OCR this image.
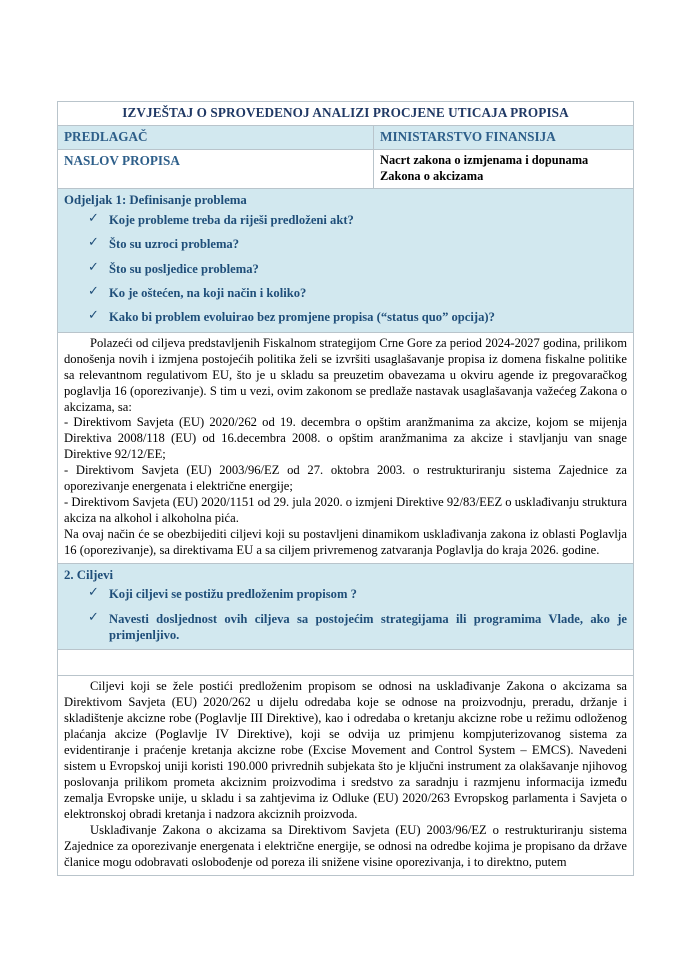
IZVJEŠTAJ O SPROVEDENOJ ANALIZI PROCJENE UTICAJA PROPISA	
PREDLAGAČ	MINISTARSTVO FINANSIJA
NASLOV PROPISA	Nacrt zakona o izmjenama i dopunama
Zakona o akcizama

Odjeljak 1: Definisanje problema

✓ Koje probleme treba da riješi predloženi akt?
✓ Što su uzroci problema?
✓ Što su posljedice problema?
✓ Ko je oštećen, na koji način i koliko?
✓ Kako bi problem evoluirao bez promjene propisa (“status quo” opcija)?

Polazeći od ciljeva predstavljenih Fiskalnom strategijom Crne Gore za period 2024-2027 godina, prilikom donošenja novih i izmjena postojećih politika želi se izvršiti usaglašavanje propisa iz domena fiskalne politike sa relevantnom regulativom EU, što je u skladu sa preuzetim obavezama u okviru agende iz pregovaračkog poglavlja 16 (oporezivanje). S tim u vezi, ovim zakonom se predlaže nastavak usaglašavanja važećeg Zakona o akcizama, sa:

- Direktivom Savjeta (EU) 2020/262 od 19. decembra o opštim aranžmanima za akcize, kojom se mijenja Direktiva 2008/118 (EU) od 16.decembra 2008. o opštim aranžmanima za akcize i stavljanju van snage Direktive 92/12/EE;

- Direktivom Savjeta (EU) 2003/96/EZ od 27. oktobra 2003. o restrukturiranju sistema Zajednice za oporezivanje energenata i električne energije;

- Direktivom Savjeta (EU) 2020/1151 od 29. jula 2020. o izmjeni Direktive 92/83/EEZ o usklađivanju struktura akciza na alkohol i alkoholna pića.

Na ovaj način će se obezbijediti ciljevi koji su postavljeni dinamikom usklađivanja zakona iz oblasti Poglavlja 16 (oporezivanje), sa direktivama EU a sa ciljem privremenog zatvaranja Poglavlja do kraja 2026. godine.	

2. Ciljevi

✓ Koji ciljevi se postižu predloženim propisom ?
✓ Navesti dosljednost ovih ciljeva sa postojećim strategijama ili programima Vlade, ako je primjenljivo.

Ciljevi koji se žele postići predloženim propisom se odnosi na usklađivanje Zakona o akcizama sa Direktivom Savjeta (EU) 2020/262 u dijelu odredaba koje se odnose na proizvodnju, preradu, držanje i skladištenje akcizne robe (Poglavlje III Direktive), kao i odredaba o kretanju akcizne robe u režimu odloženog plaćanja akcize (Poglavlje IV Direktive), koji se odvija uz primjenu kompjuterizovanog sistema za evidentiranje i praćenje kretanja akcizne robe (Excise Movement and Control System – EMCS). Navedeni sistem u Evropskoj uniji koristi 190.000 privrednih subjekata što je ključni instrument za olakšavanje njihovog poslovanja prilikom prometa akciznim proizvodima i sredstvo za saradnju i razmjenu informacija između zemalja Evropske unije, u skladu i sa zahtjevima iz Odluke (EU) 2020/263 Evropskog parlamenta i Savjeta o elektronskoj obradi kretanja i nadzora akciznih proizvoda.

Usklađivanje Zakona o akcizama sa Direktivom Savjeta (EU) 2003/96/EZ o restrukturiranju sistema Zajednice za oporezivanje energenata i električne energije, se odnosi na odredbe kojima je propisano da države članice mogu odobravati oslobođenje od poreza ili snižene visine oporezivanja, i to direktno, putem	
